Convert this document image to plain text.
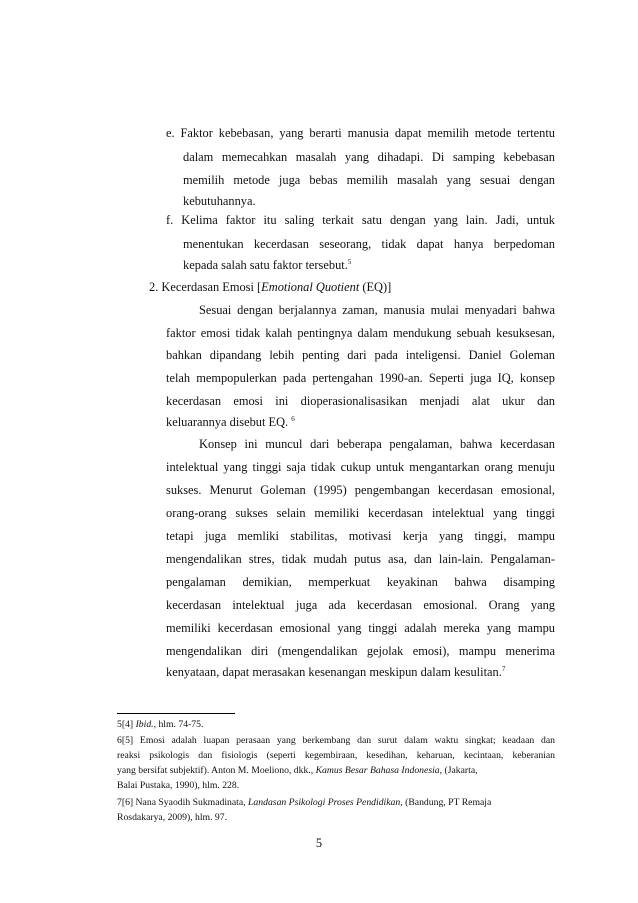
e. Faktor kebebasan, yang berarti manusia dapat memilih metode tertentu
dalam memecahkan masalah yang dihadapi. Di samping kebebasan
memilih metode juga bebas memilih masalah yang sesuai dengan
kebutuhannya.
f. Kelima faktor itu saling terkait satu dengan yang lain. Jadi, untuk
menentukan kecerdasan seseorang, tidak dapat hanya berpedoman
kepada salah satu faktor tersebut.$^5$
2. Kecerdasan Emosi [Emotional Quotient (EQ)]
Sesuai dengan berjalannya zaman, manusia mulai menyadari bahwa
faktor emosi tidak kalah pentingnya dalam mendukung sebuah kesuksesan,
bahkan dipandang lebih penting dari pada inteligensi. Daniel Goleman
telah mempopulerkan pada pertengahan 1990-an. Seperti juga IQ, konsep
kecerdasan emosi ini dioperasionalisasikan menjadi alat ukur dan
keluarannya disebut EQ. $^6$
Konsep ini muncul dari beberapa pengalaman, bahwa kecerdasan
intelektual yang tinggi saja tidak cukup untuk mengantarkan orang menuju
sukses. Menurut Goleman (1995) pengembangan kecerdasan emosional,
orang-orang sukses selain memiliki kecerdasan intelektual yang tinggi
tetapi juga memliki stabilitas, motivasi kerja yang tinggi, mampu
mengendalikan stres, tidak mudah putus asa, dan lain-lain. Pengalaman-
pengalaman demikian, memperkuat keyakinan bahwa disamping
kecerdasan intelektual juga ada kecerdasan emosional. Orang yang
memiliki kecerdasan emosional yang tinggi adalah mereka yang mampu
mengendalikan diri (mengendalikan gejolak emosi), mampu menerima
kenyataan, dapat merasakan kesenangan meskipun dalam kesulitan.$^7$
5[4] Ibid., hlm. 74-75.
6[5] Emosi adalah luapan perasaan yang berkembang dan surut dalam waktu singkat; keadaan dan
reaksi psikologis dan fisiologis (seperti kegembiraan, kesedihan, keharuan, kecintaan, keberanian
yang bersifat subjektif). Anton M. Moeliono, dkk., Kamus Besar Bahasa Indonesia, (Jakarta,
Balai Pustaka, 1990), hlm. 228.
7[6] Nana Syaodih Sukmadinata, Landasan Psikologi Proses Pendidikan, (Bandung, PT Remaja
Rosdakarya, 2009), hlm. 97.
5
